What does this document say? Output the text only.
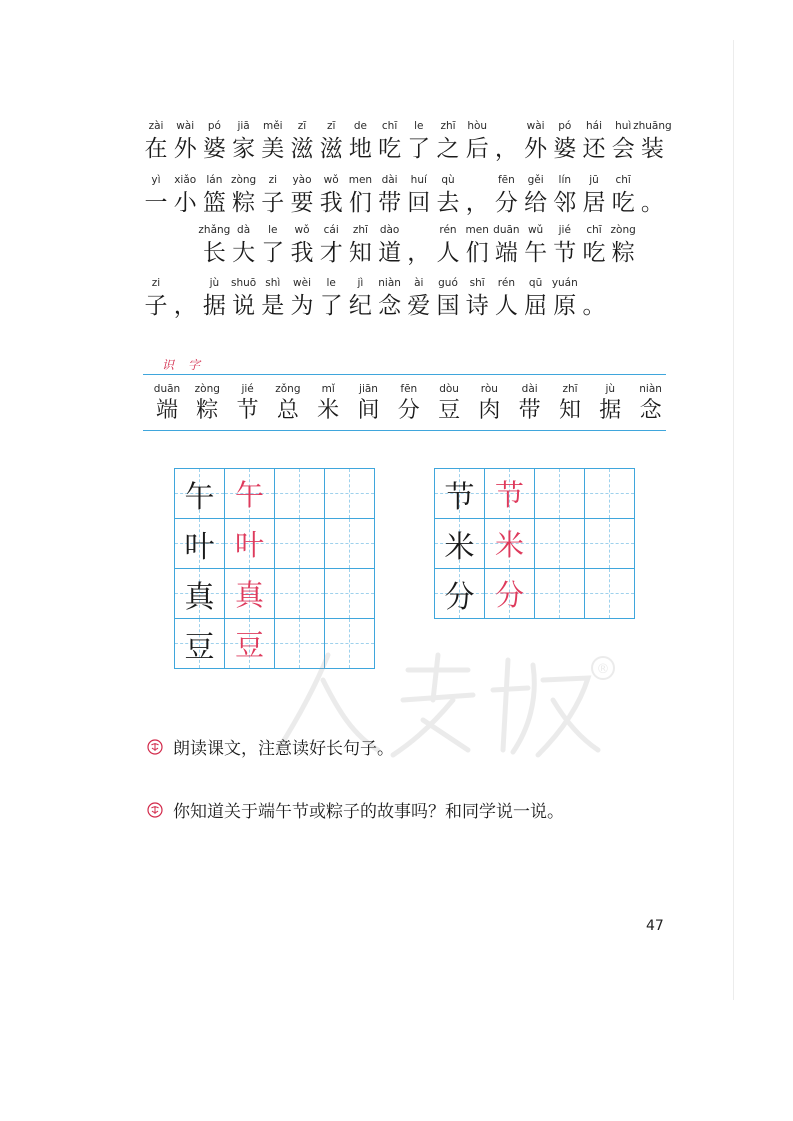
zài
在
wài
外
pó
婆
jiā
家
měi
美
zī
滋
zī
滋
de
地
chī
吃
le
了
zhī
之
hòu
后 ，
wài
外
pó
婆
hái
还
huì
会
zhuāng
装
yì
一
xiǎo
小
lán
篮
zòng
粽
zi
子
yào
要
wǒ
我
men
们
dài
带
huí
回
qù
去 ，
fēn
分
gěi
给
lín
邻
jū
居
chī
吃 。
zhǎng
长
dà
大
le
了
wǒ
我
cái
才
zhī
知
dào
道 ，
rén
人
men
们
duān
端
wǔ
午
jié
节
chī
吃
zòng
粽
zi
子 ，
jù
据
shuō
说
shì
是
wèi
为
le
了
jì
纪
niàn
念
ài
爱
guó
国
shī
诗
rén
人
qū
屈
yuán
原 。
识字
duān
端
zòng
粽
jié
节
zǒng
总
mǐ
米
jiān
间
fēn
分
dòu
豆
ròu
肉
dài
带
zhī
知
jù
据
niàn
念
午 午
叶 叶
真 真
豆 豆
节 节
米 米
分 分
®
朗读课文，注意读好长句子。
你知道关于端午节或粽子的故事吗？和同学说一说。
47
